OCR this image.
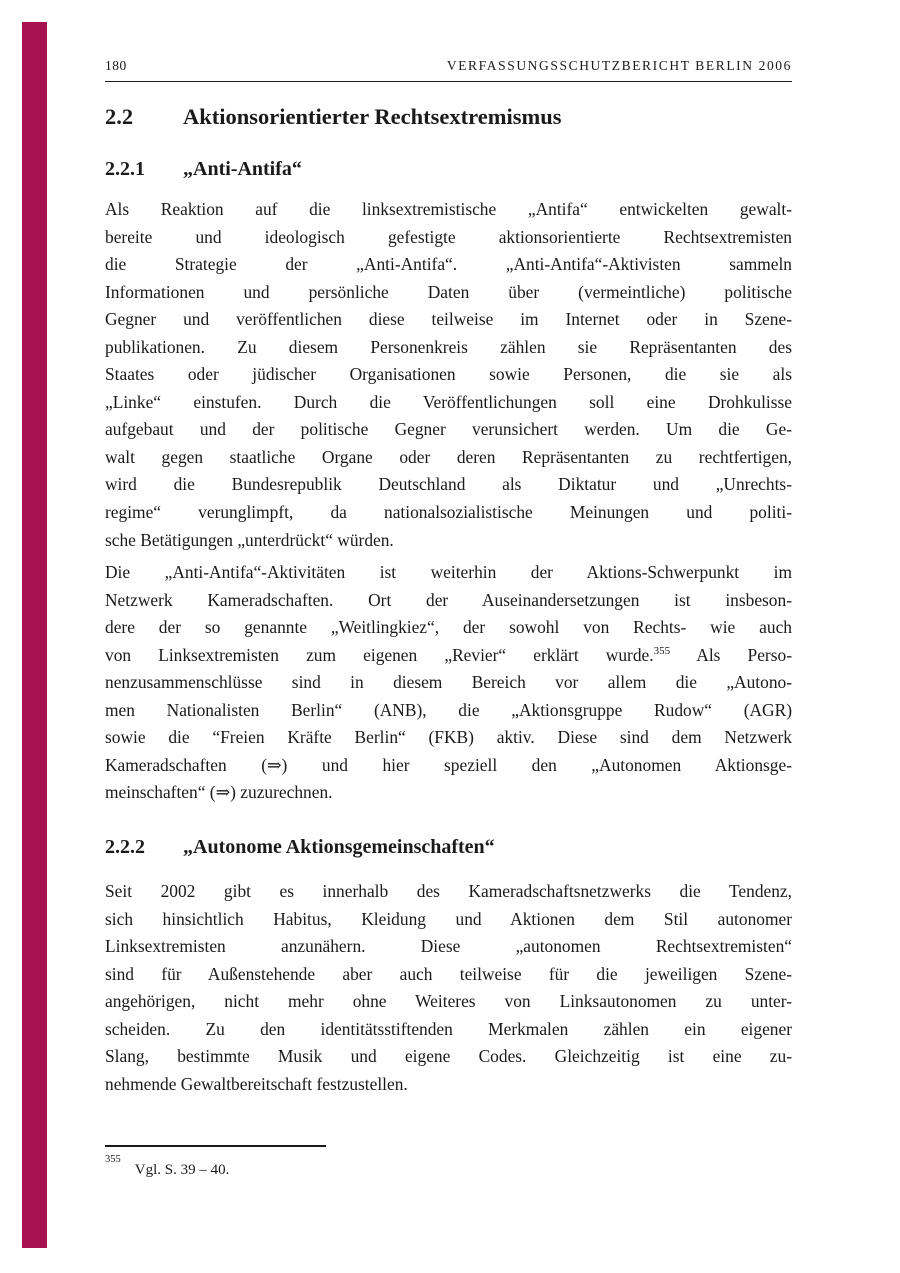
180	VERFASSUNGSSCHUTZBERICHT BERLIN 2006
2.2	Aktionsorientierter Rechtsextremismus
2.2.1	„Anti-Antifa“
Als Reaktion auf die linksextremistische „Antifa“ entwickelten gewalt-
bereite und ideologisch gefestigte aktionsorientierte Rechtsextremisten
die Strategie der „Anti-Antifa“. „Anti-Antifa“-Aktivisten sammeln
Informationen und persönliche Daten über (vermeintliche) politische
Gegner und veröffentlichen diese teilweise im Internet oder in Szene-
publikationen. Zu diesem Personenkreis zählen sie Repräsentanten des
Staates oder jüdischer Organisationen sowie Personen, die sie als
„Linke“ einstufen. Durch die Veröffentlichungen soll eine Drohkulisse
aufgebaut und der politische Gegner verunsichert werden. Um die Ge-
walt gegen staatliche Organe oder deren Repräsentanten zu rechtfertigen,
wird die Bundesrepublik Deutschland als Diktatur und „Unrechts-
regime“ verunglimpft, da nationalsozialistische Meinungen und politi-
sche Betätigungen „unterdrückt“ würden.
Die „Anti-Antifa“-Aktivitäten ist weiterhin der Aktions-Schwerpunkt im
Netzwerk Kameradschaften. Ort der Auseinandersetzungen ist insbeson-
dere der so genannte „Weitlingkiez“, der sowohl von Rechts- wie auch
von Linksextremisten zum eigenen „Revier“ erklärt wurde.$^{355}$ Als Perso-
nenzusammenschlüsse sind in diesem Bereich vor allem die „Autono-
men Nationalisten Berlin“ (ANB), die „Aktionsgruppe Rudow“ (AGR)
sowie die “Freien Kräfte Berlin“ (FKB) aktiv. Diese sind dem Netzwerk
Kameradschaften (⇒) und hier speziell den „Autonomen Aktionsge-
meinschaften“ (⇒) zuzurechnen.
2.2.2	„Autonome Aktionsgemeinschaften“
Seit 2002 gibt es innerhalb des Kameradschaftsnetzwerks die Tendenz,
sich hinsichtlich Habitus, Kleidung und Aktionen dem Stil autonomer
Linksextremisten anzunähern. Diese „autonomen Rechtsextremisten“
sind für Außenstehende aber auch teilweise für die jeweiligen Szene-
angehörigen, nicht mehr ohne Weiteres von Linksautonomen zu unter-
scheiden. Zu den identitätsstiftenden Merkmalen zählen ein eigener
Slang, bestimmte Musik und eigene Codes. Gleichzeitig ist eine zu-
nehmende Gewaltbereitschaft festzustellen.
$^{355}$Vgl. S. 39 – 40.
